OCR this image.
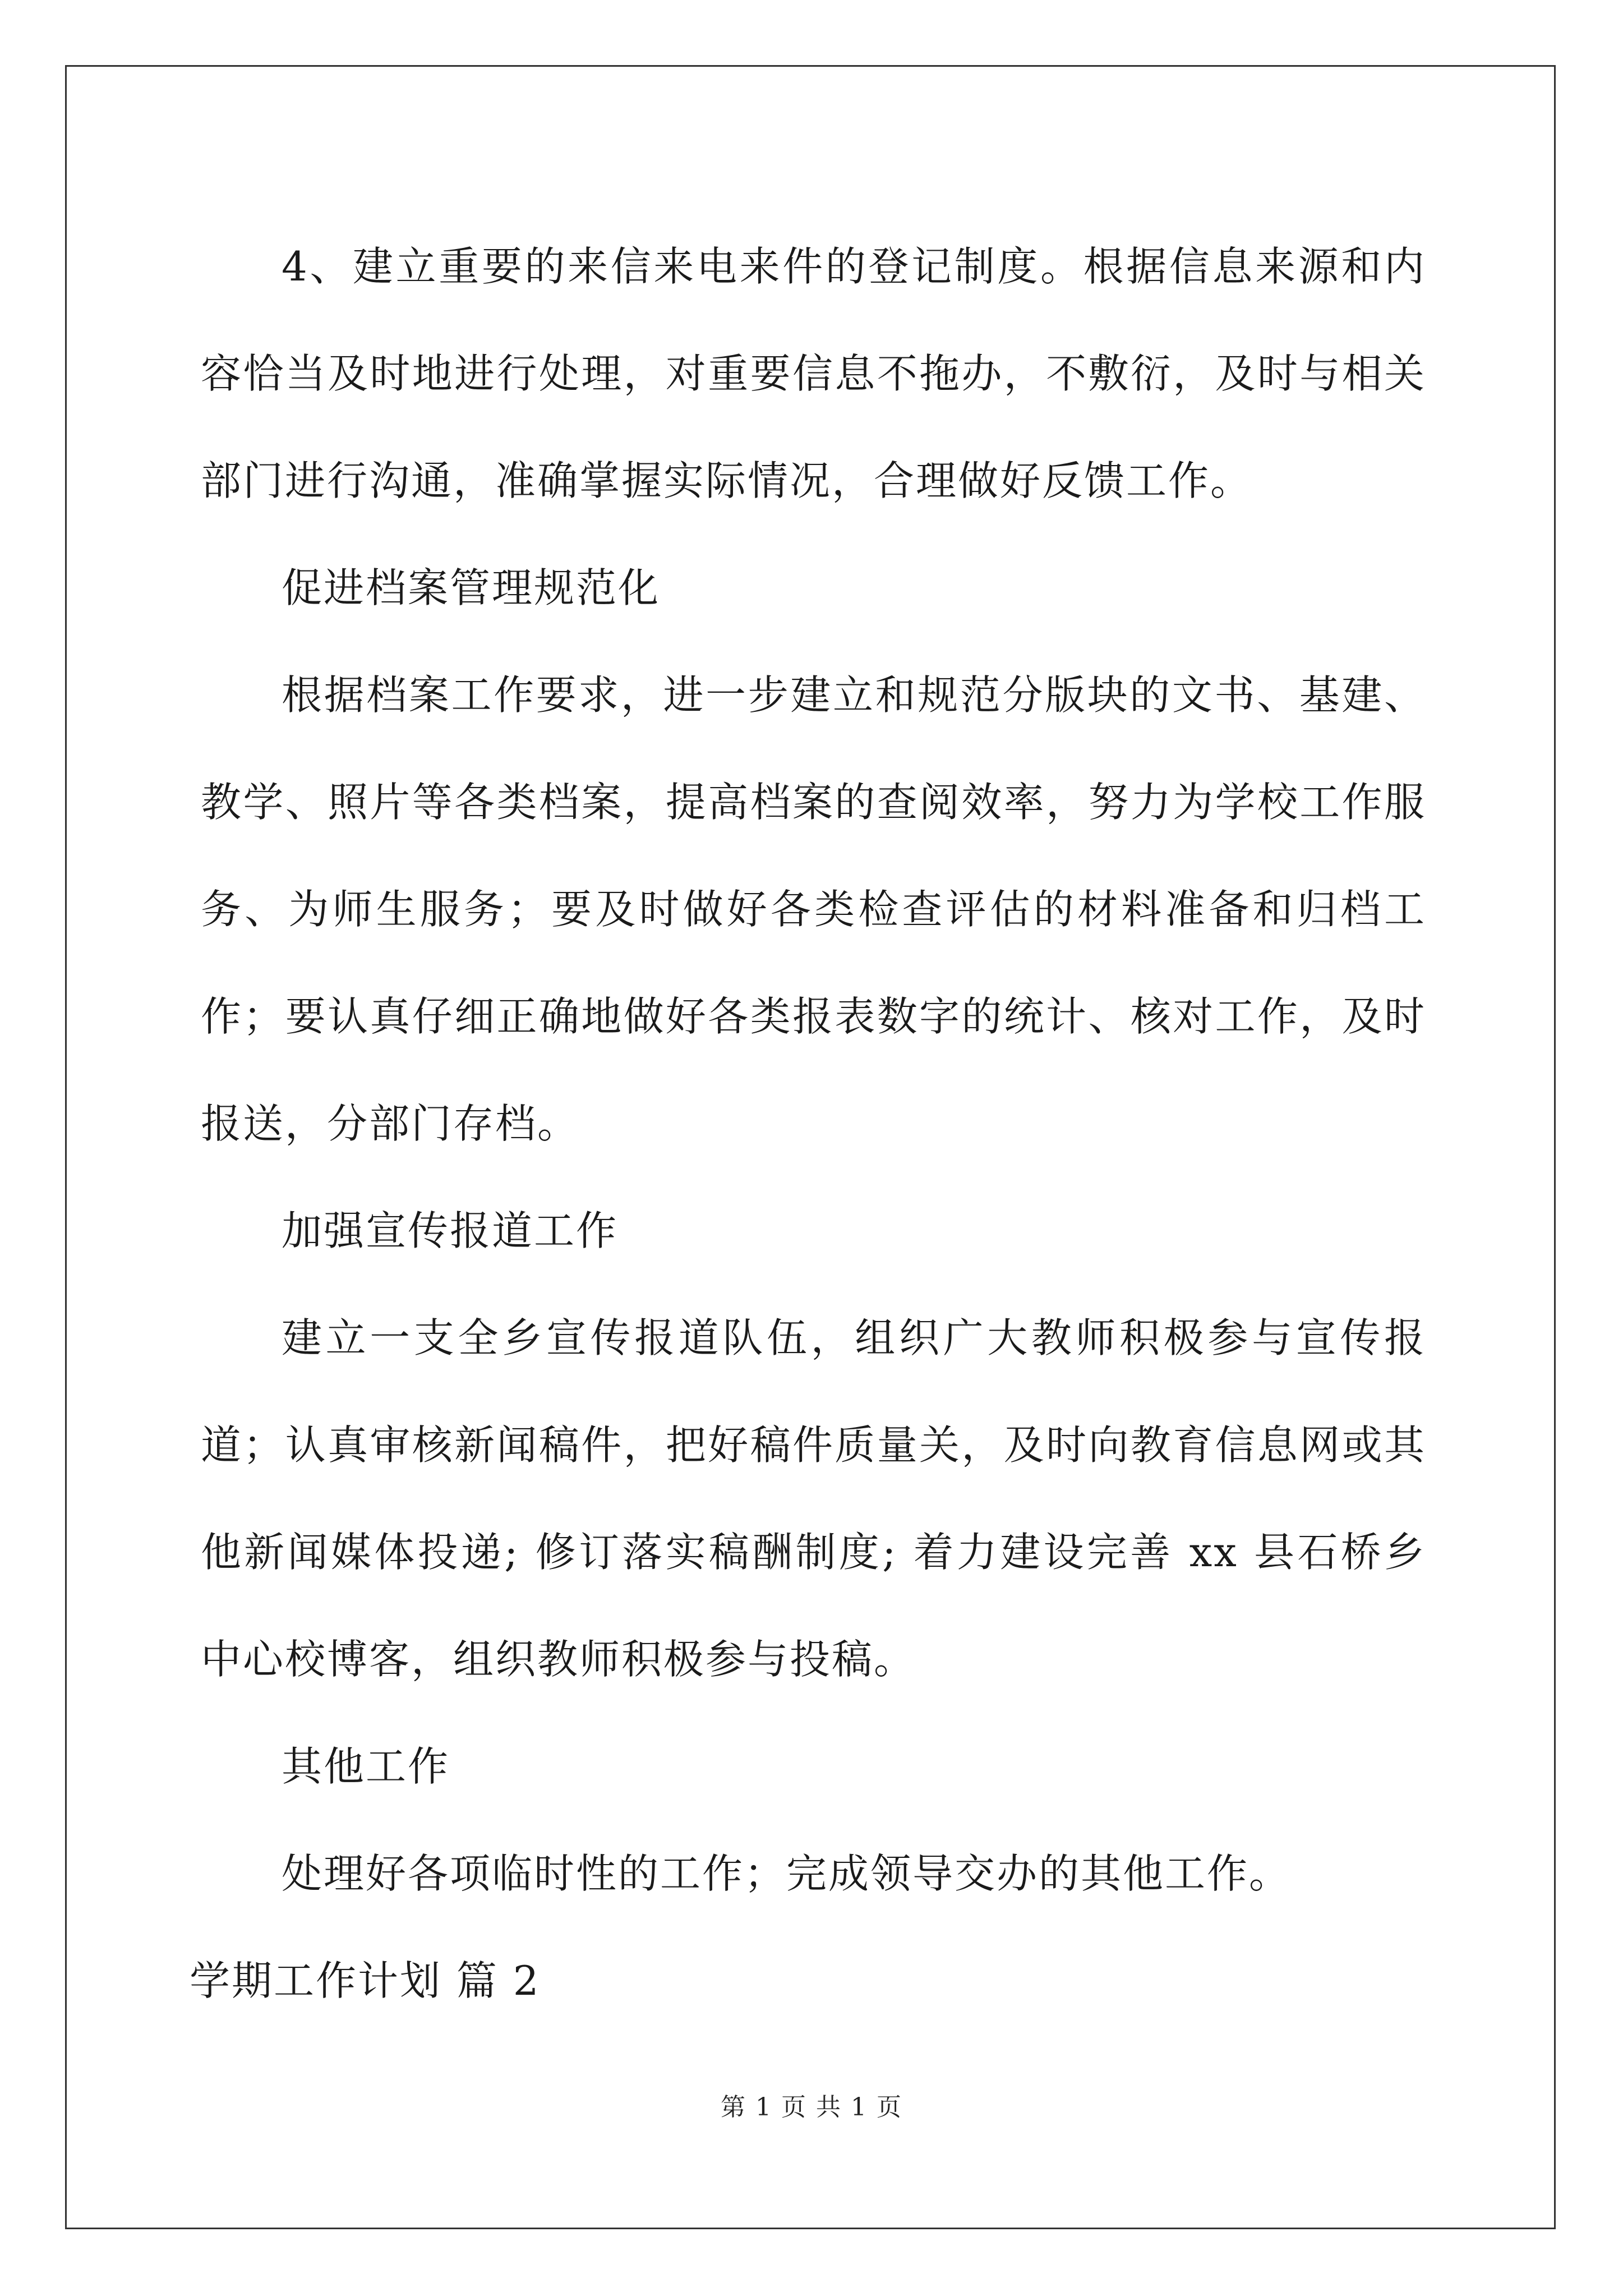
4、建立重要的来信来电来件的登记制度。根据信息来源和内容恰当及时地进行处理，对重要信息不拖办，不敷衍，及时与相关部门进行沟通，准确掌握实际情况，合理做好反馈工作。

促进档案管理规范化

根据档案工作要求，进一步建立和规范分版块的文书、基建、教学、照片等各类档案，提高档案的查阅效率，努力为学校工作服务、为师生服务；要及时做好各类检查评估的材料准备和归档工作；要认真仔细正确地做好各类报表数字的统计、核对工作，及时报送，分部门存档。

加强宣传报道工作

建立一支全乡宣传报道队伍，组织广大教师积极参与宣传报道；认真审核新闻稿件，把好稿件质量关，及时向教育信息网或其他新闻媒体投递; 修订落实稿酬制度; 着力建设完善 xx 县石桥乡中心校博客，组织教师积极参与投稿。

其他工作

处理好各项临时性的工作；完成领导交办的其他工作。

学期工作计划 篇 2

第 1 页 共 1 页
